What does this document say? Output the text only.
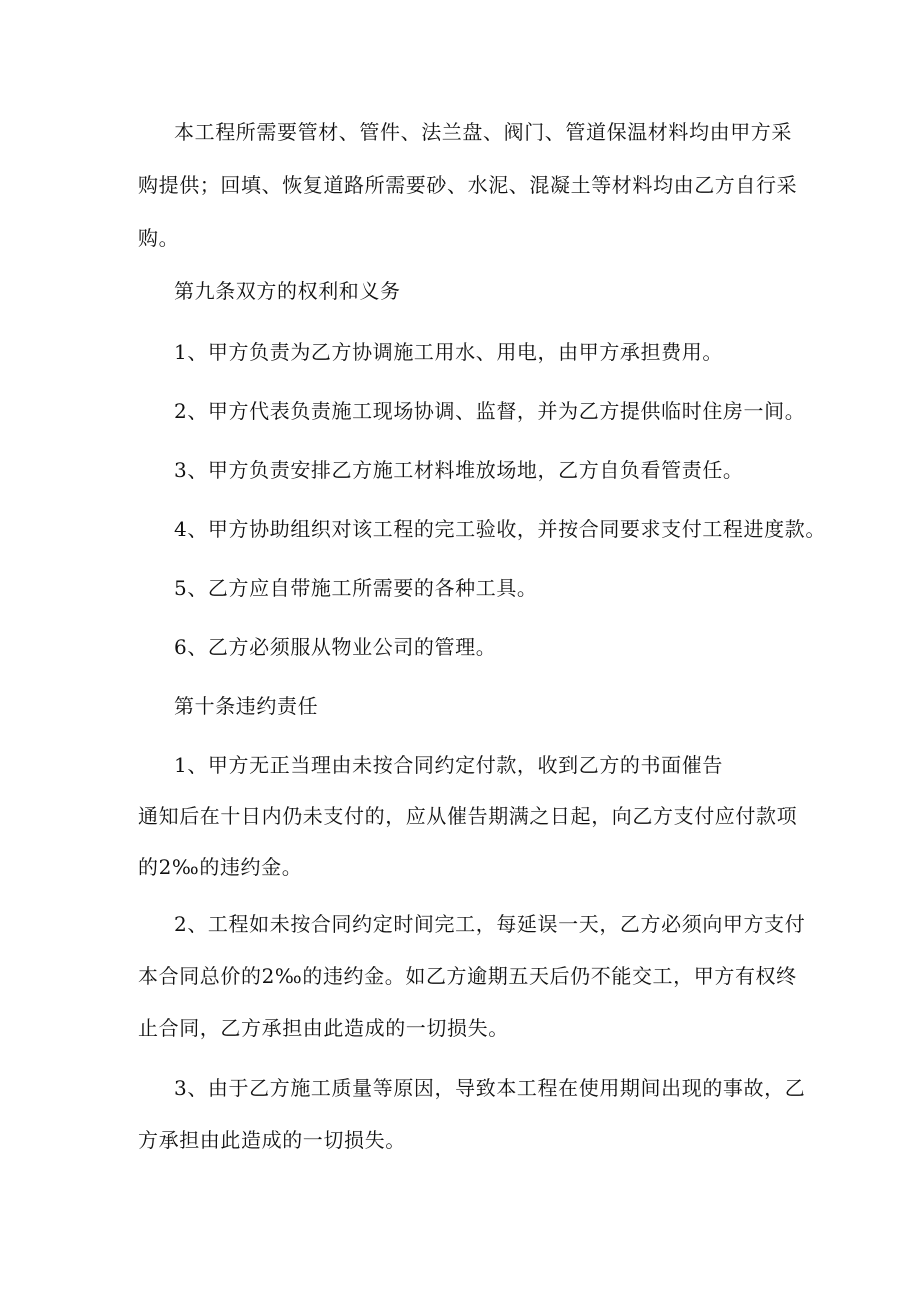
本工程所需要管材、管件、法兰盘、阀门、管道保温材料均由甲方采
购提供；回填、恢复道路所需要砂、水泥、混凝土等材料均由乙方自行采
购。
第九条双方的权利和义务
1、甲方负责为乙方协调施工用水、用电，由甲方承担费用。
2、甲方代表负责施工现场协调、监督，并为乙方提供临时住房一间。
3、甲方负责安排乙方施工材料堆放场地，乙方自负看管责任。
4、甲方协助组织对该工程的完工验收，并按合同要求支付工程进度款。
5、乙方应自带施工所需要的各种工具。
6、乙方必须服从物业公司的管理。
第十条违约责任
1、甲方无正当理由未按合同约定付款，收到乙方的书面催告
通知后在十日内仍未支付的，应从催告期满之日起，向乙方支付应付款项
的2‰的违约金。
2、工程如未按合同约定时间完工，每延误一天，乙方必须向甲方支付
本合同总价的2‰的违约金。如乙方逾期五天后仍不能交工，甲方有权终
止合同，乙方承担由此造成的一切损失。
3、由于乙方施工质量等原因，导致本工程在使用期间出现的事故，乙
方承担由此造成的一切损失。
